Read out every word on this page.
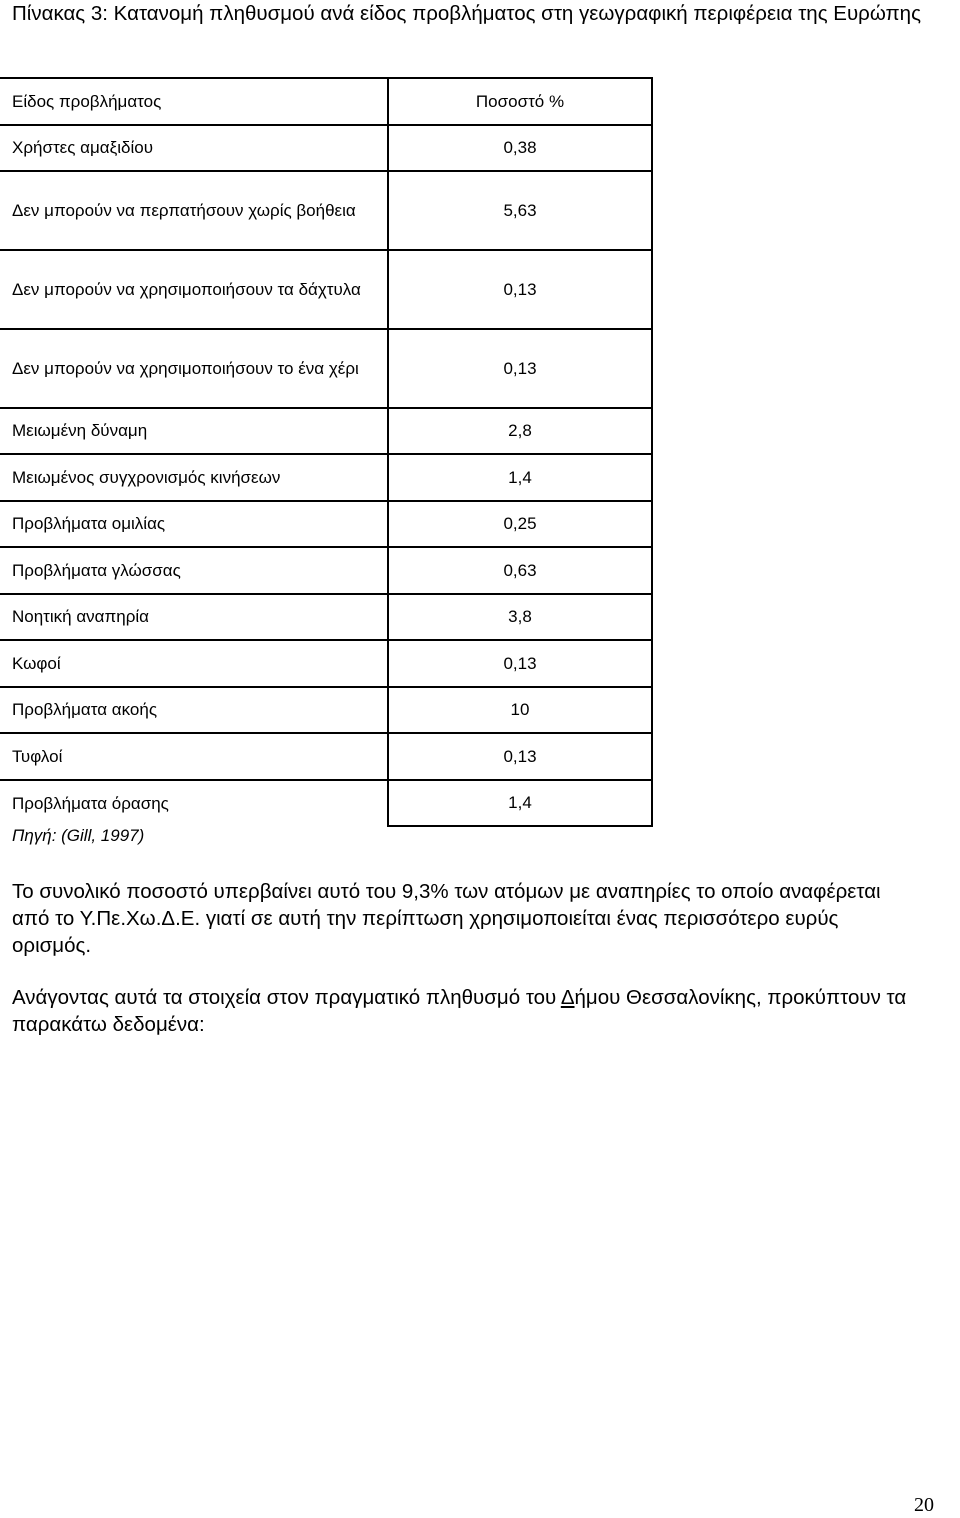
Πίνακας 3: Κατανομή πληθυσμού ανά είδος προβλήματος στη γεωγραφική περιφέρεια της Ευρώπης
Είδος προβλήματος	Ποσοστό %
Χρήστες αμαξιδίου	0,38
Δεν μπορούν να περπατήσουν χωρίς βοήθεια	5,63
Δεν μπορούν να χρησιμοποιήσουν τα δάχτυλα	0,13
Δεν μπορούν να χρησιμοποιήσουν το ένα χέρι	0,13
Μειωμένη δύναμη	2,8
Μειωμένος συγχρονισμός κινήσεων	1,4
Προβλήματα ομιλίας	0,25
Προβλήματα γλώσσας	0,63
Νοητική αναπηρία	3,8
Κωφοί	0,13
Προβλήματα ακοής	10
Τυφλοί	0,13
Προβλήματα όρασης	1,4
Πηγή: (Gill, 1997)
Το συνολικό ποσοστό υπερβαίνει αυτό του 9,3% των ατόμων με αναπηρίες το οποίο αναφέρεται από το Υ.Πε.Χω.Δ.Ε. γιατί σε αυτή την περίπτωση χρησιμοποιείται ένας περισσότερο ευρύς ορισμός.
Ανάγοντας αυτά τα στοιχεία στον πραγματικό πληθυσμό του Δήμου Θεσσαλονίκης, προκύπτουν τα παρακάτω δεδομένα:
20
